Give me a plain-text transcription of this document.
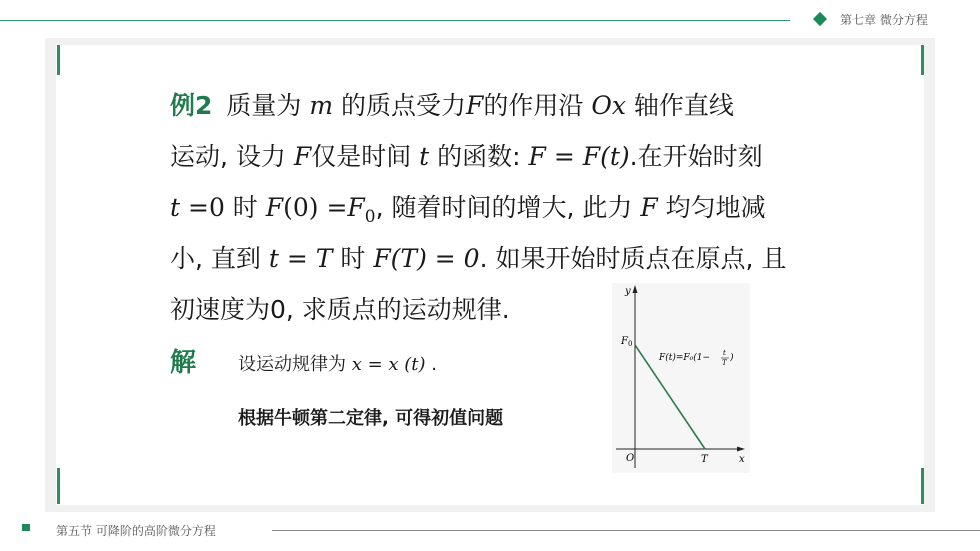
第七章 微分方程
例2 质量为 m 的质点受力F的作用沿 Ox 轴作直线
运动, 设力 F仅是时间 t 的函数: F = F(t).在开始时刻
t =0 时 $F(0) =F_0$, 随着时间的增大, 此力 F 均匀地减
小, 直到 t = T 时 F(T) = 0. 如果开始时质点在原点, 且
初速度为0, 求质点的运动规律.
解 设运动规律为 x = x (t) .
根据牛顿第二定律, 可得初值问题
y
x
O	T
$F_0$
F(t)=F₀(1− t
T )
第五节 可降阶的高阶微分方程
